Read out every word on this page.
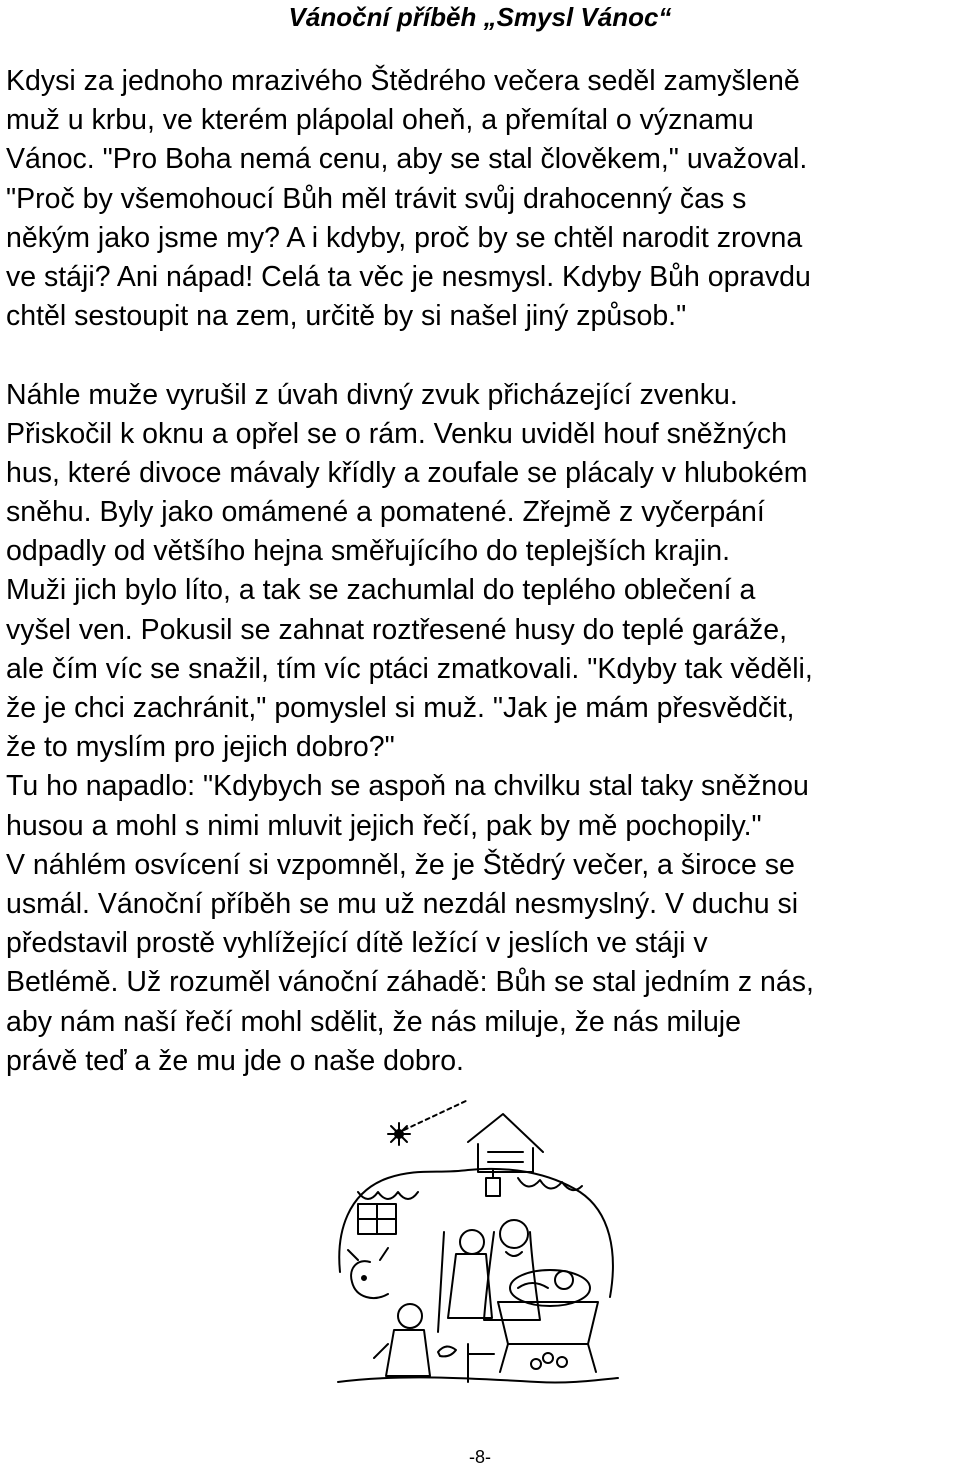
Vánoční příběh „Smysl Vánoc“
Kdysi za jednoho mrazivého Štědrého večera seděl zamyšleně
muž u krbu, ve kterém plápolal oheň, a přemítal o významu
Vánoc. "Pro Boha nemá cenu, aby se stal člověkem," uvažoval.
"Proč by všemohoucí Bůh měl trávit svůj drahocenný čas s
někým jako jsme my? A i kdyby, proč by se chtěl narodit zrovna
ve stáji? Ani nápad! Celá ta věc je nesmysl. Kdyby Bůh opravdu
chtěl sestoupit na zem, určitě by si našel jiný způsob."
Náhle muže vyrušil z úvah divný zvuk přicházející zvenku.
Přiskočil k oknu a opřel se o rám. Venku uviděl houf sněžných
hus, které divoce mávaly křídly a zoufale se plácaly v hlubokém
sněhu. Byly jako omámené a pomatené. Zřejmě z vyčerpání
odpadly od většího hejna směřujícího do teplejších krajin.
Muži jich bylo líto, a tak se zachumlal do teplého oblečení a
vyšel ven. Pokusil se zahnat roztřesené husy do teplé garáže,
ale čím víc se snažil, tím víc ptáci zmatkovali. "Kdyby tak věděli,
že je chci zachránit," pomyslel si muž. "Jak je mám přesvědčit,
že to myslím pro jejich dobro?"
Tu ho napadlo: "Kdybych se aspoň na chvilku stal taky sněžnou
husou a mohl s nimi mluvit jejich řečí, pak by mě pochopily."
V náhlém osvícení si vzpomněl, že je Štědrý večer, a široce se
usmál. Vánoční příběh se mu už nezdál nesmyslný. V duchu si
představil prostě vyhlížející dítě ležící v jeslích ve stáji v
Betlémě. Už rozuměl vánoční záhadě: Bůh se stal jedním z nás,
aby nám naší řečí mohl sdělit, že nás miluje, že nás miluje
právě teď a že mu jde o naše dobro.
-8-
